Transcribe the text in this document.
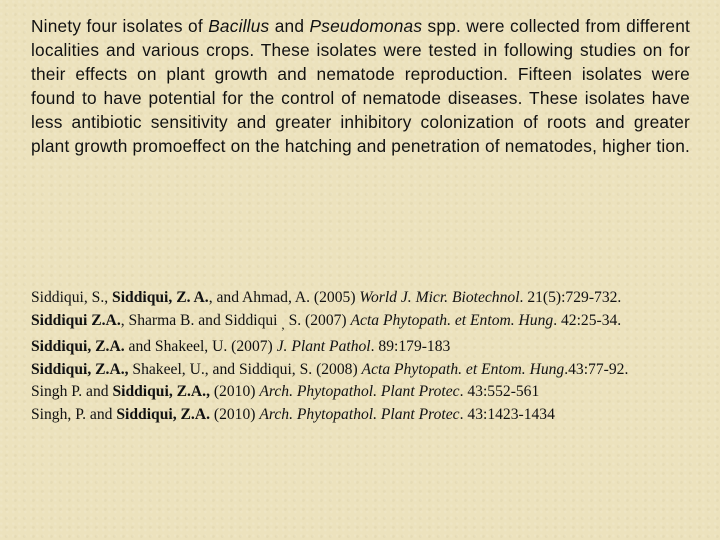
Ninety four isolates of Bacillus and Pseudomonas spp. were collected from different localities and various crops. These isolates were tested in following studies on for their effects on plant growth and nematode reproduction. Fifteen isolates were found to have potential for the control of nematode diseases. These isolates have less antibiotic sensitivity and greater inhibitory colonization of roots and greater plant growth promoeffect on the hatching and penetration of nematodes, higher tion.

Siddiqui, S., Siddiqui, Z. A., and Ahmad, A. (2005) World J. Micr. Biotechnol. 21(5):729-732.

Siddiqui Z.A., Sharma B. and Siddiqui $_,$ S. (2007) Acta Phytopath. et Entom. Hung. 42:25-34.

Siddiqui, Z.A. and Shakeel, U. (2007) J. Plant Pathol. 89:179-183

Siddiqui, Z.A., Shakeel, U., and Siddiqui, S. (2008) Acta Phytopath. et Entom. Hung.43:77-92.

Singh P. and Siddiqui, Z.A., (2010) Arch. Phytopathol. Plant Protec. 43:552-561

Singh, P. and Siddiqui, Z.A. (2010) Arch. Phytopathol. Plant Protec. 43:1423-1434
